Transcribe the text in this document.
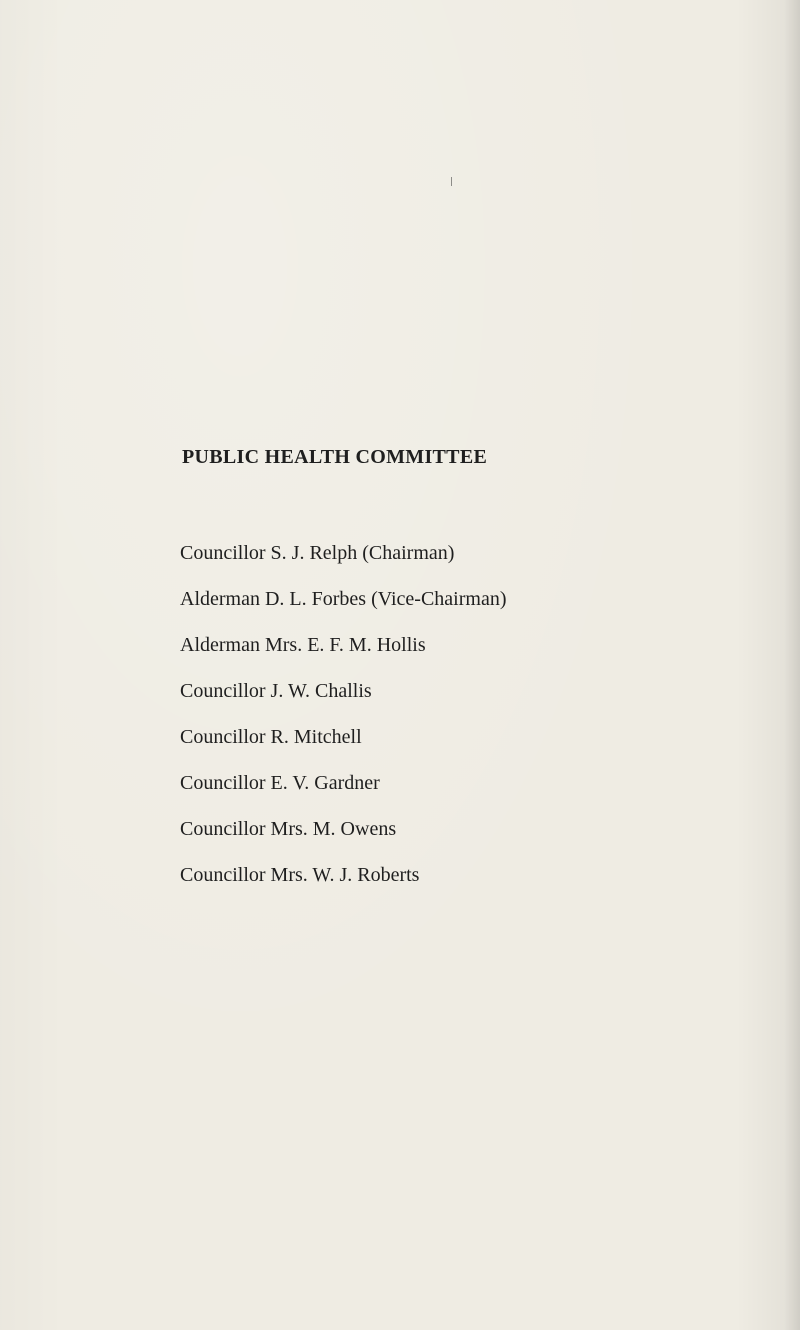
PUBLIC HEALTH COMMITTEE
Councillor S. J. Relph (Chairman)
Alderman D. L. Forbes (Vice-Chairman)
Alderman Mrs. E. F. M. Hollis
Councillor J. W. Challis
Councillor R. Mitchell
Councillor E. V. Gardner
Councillor Mrs. M. Owens
Councillor Mrs. W. J. Roberts
